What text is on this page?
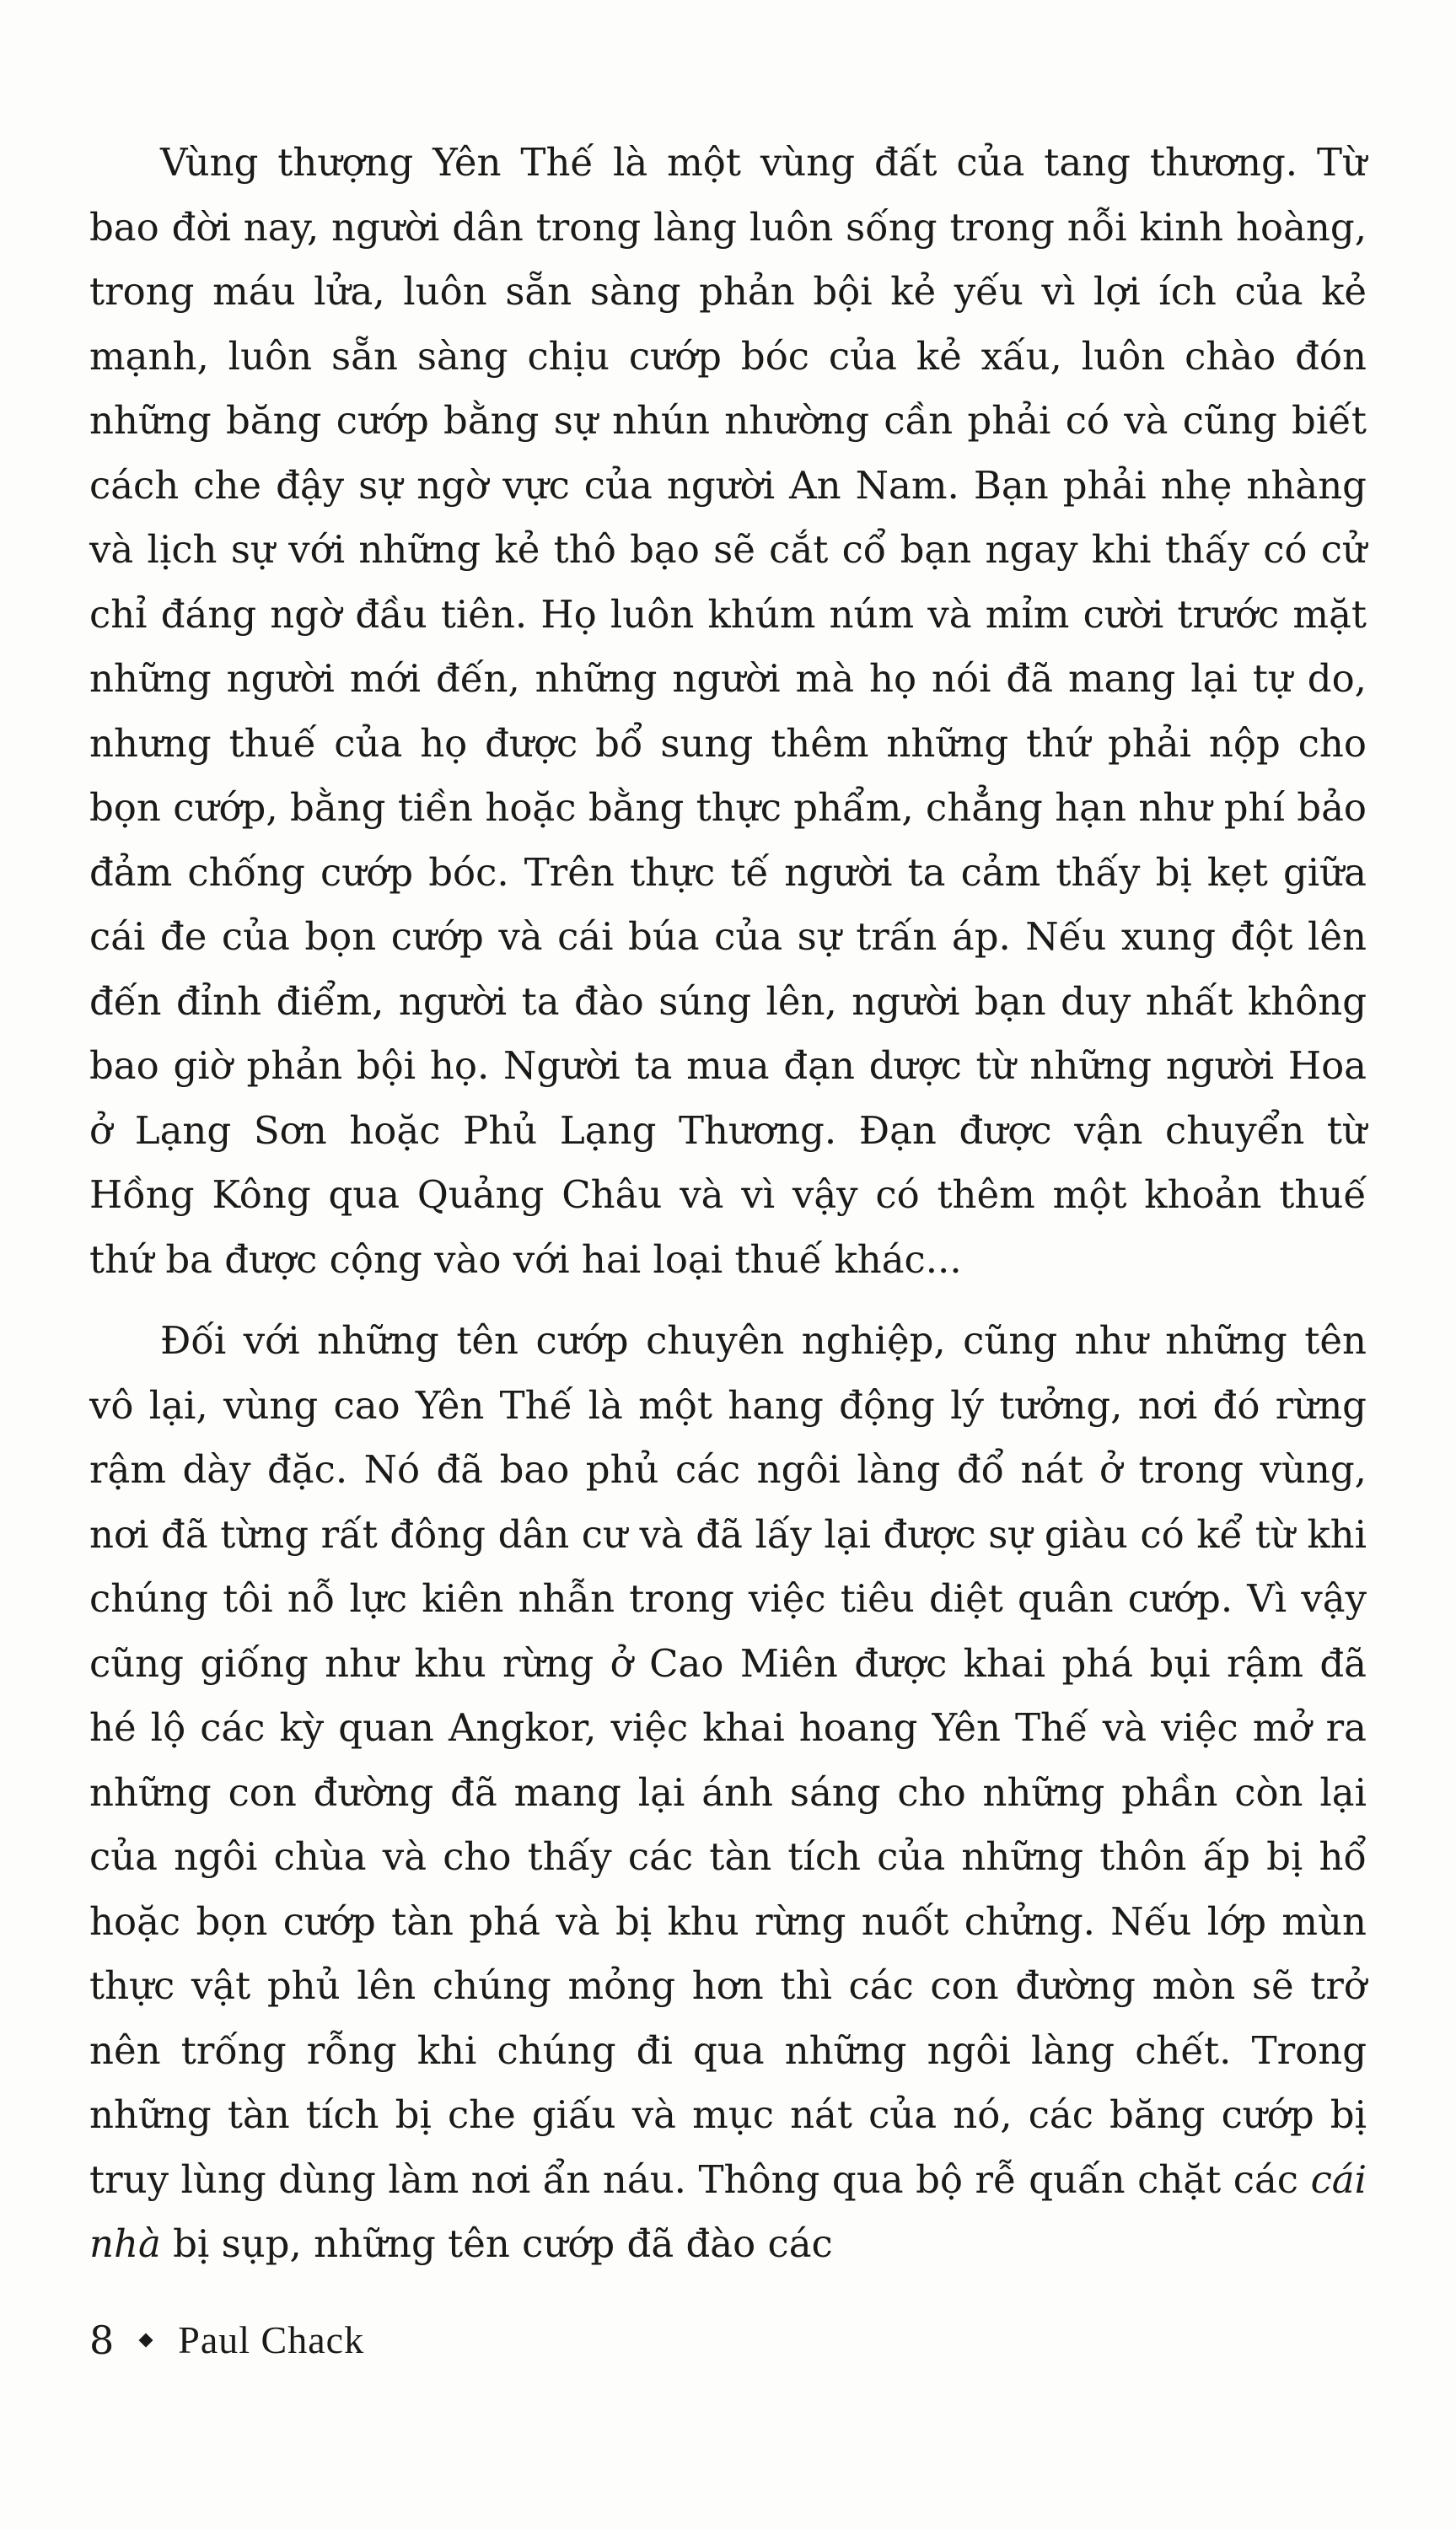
Vùng thượng Yên Thế là một vùng đất của tang thương. Từ bao đời nay, người dân trong làng luôn sống trong nỗi kinh hoàng, trong máu lửa, luôn sẵn sàng phản bội kẻ yếu vì lợi ích của kẻ mạnh, luôn sẵn sàng chịu cướp bóc của kẻ xấu, luôn chào đón những băng cướp bằng sự nhún nhường cần phải có và cũng biết cách che đậy sự ngờ vực của người An Nam. Bạn phải nhẹ nhàng và lịch sự với những kẻ thô bạo sẽ cắt cổ bạn ngay khi thấy có cử chỉ đáng ngờ đầu tiên. Họ luôn khúm núm và mỉm cười trước mặt những người mới đến, những người mà họ nói đã mang lại tự do, nhưng thuế của họ được bổ sung thêm những thứ phải nộp cho bọn cướp, bằng tiền hoặc bằng thực phẩm, chẳng hạn như phí bảo đảm chống cướp bóc. Trên thực tế người ta cảm thấy bị kẹt giữa cái đe của bọn cướp và cái búa của sự trấn áp. Nếu xung đột lên đến đỉnh điểm, người ta đào súng lên, người bạn duy nhất không bao giờ phản bội họ. Người ta mua đạn dược từ những người Hoa ở Lạng Sơn hoặc Phủ Lạng Thương. Đạn được vận chuyển từ Hồng Kông qua Quảng Châu và vì vậy có thêm một khoản thuế thứ ba được cộng vào với hai loại thuế khác...

Đối với những tên cướp chuyên nghiệp, cũng như những tên vô lại, vùng cao Yên Thế là một hang động lý tưởng, nơi đó rừng rậm dày đặc. Nó đã bao phủ các ngôi làng đổ nát ở trong vùng, nơi đã từng rất đông dân cư và đã lấy lại được sự giàu có kể từ khi chúng tôi nỗ lực kiên nhẫn trong việc tiêu diệt quân cướp. Vì vậy cũng giống như khu rừng ở Cao Miên được khai phá bụi rậm đã hé lộ các kỳ quan Angkor, việc khai hoang Yên Thế và việc mở ra những con đường đã mang lại ánh sáng cho những phần còn lại của ngôi chùa và cho thấy các tàn tích của những thôn ấp bị hổ hoặc bọn cướp tàn phá và bị khu rừng nuốt chửng. Nếu lớp mùn thực vật phủ lên chúng mỏng hơn thì các con đường mòn sẽ trở nên trống rỗng khi chúng đi qua những ngôi làng chết. Trong những tàn tích bị che giấu và mục nát của nó, các băng cướp bị truy lùng dùng làm nơi ẩn náu. Thông qua bộ rễ quấn chặt các cái nhà bị sụp, những tên cướp đã đào các

8 Paul Chack
